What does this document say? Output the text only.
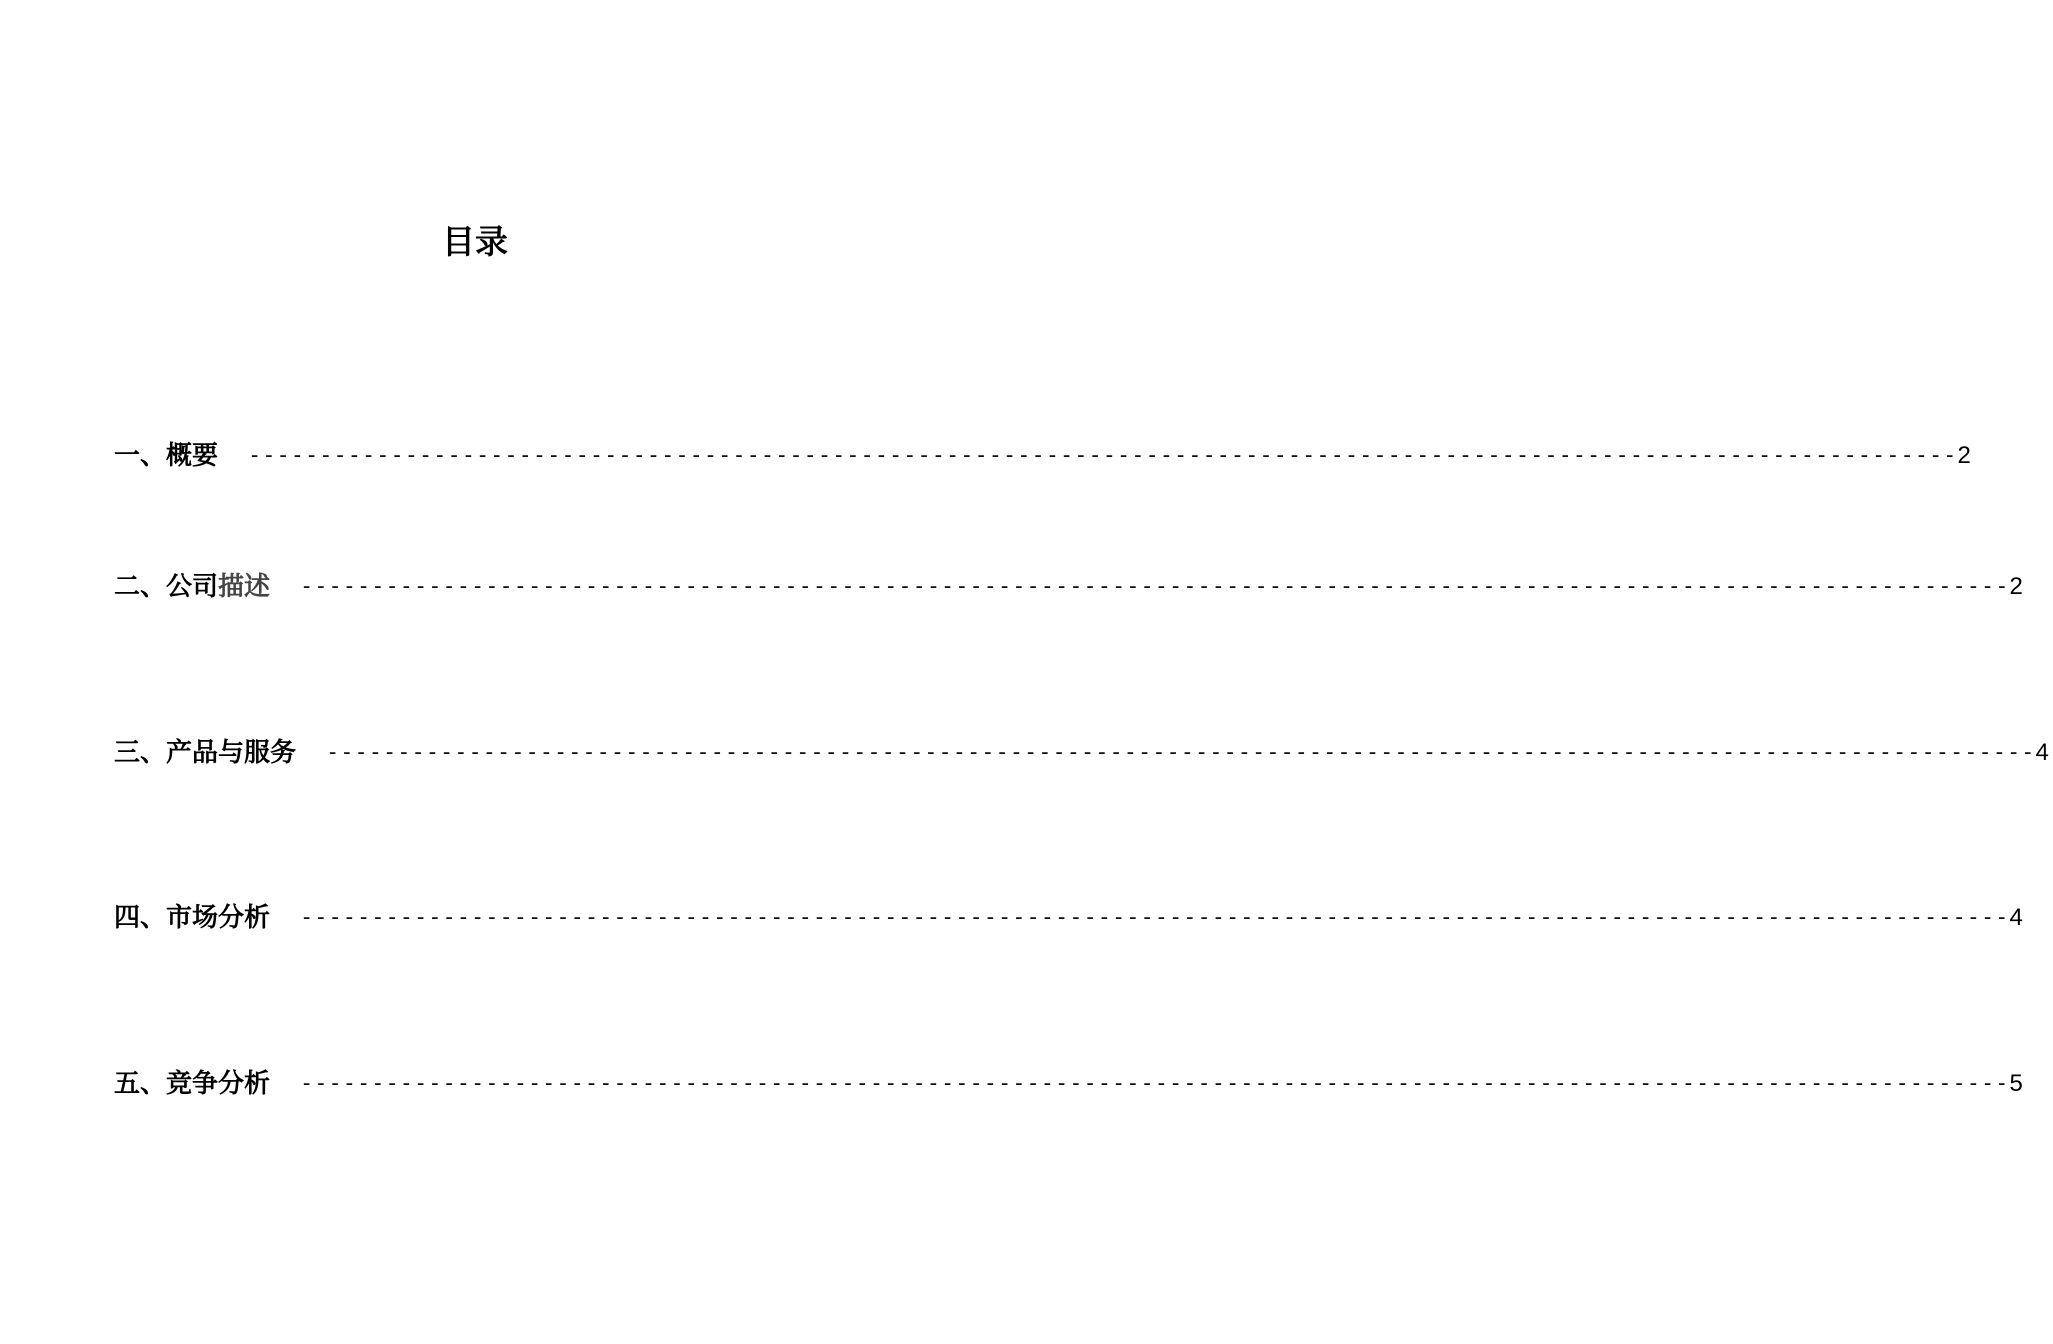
目录
一、概要 ------------------------------------------------------------------------------------------------------------------------ 2
二、公司描述 ------------------------------------------------------------------------------------------------------------------------ 2
三、产品与服务 ------------------------------------------------------------------------------------------------------------------------ 4
四、市场分析 ------------------------------------------------------------------------------------------------------------------------ 4
五、竞争分析 ------------------------------------------------------------------------------------------------------------------------ 5
